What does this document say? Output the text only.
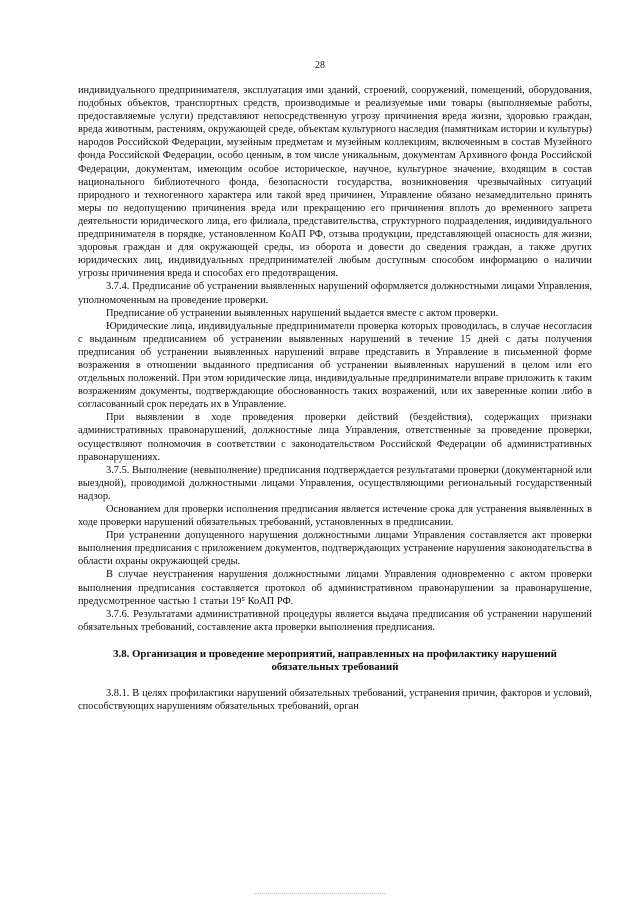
28

индивидуального предпринимателя, эксплуатация ими зданий, строений, сооружений, помещений, оборудования, подобных объектов, транспортных средств, производимые и реализуемые ими товары (выполняемые работы, предоставляемые услуги) представляют непосредственную угрозу причинения вреда жизни, здоровью граждан, вреда животным, растениям, окружающей среде, объектам культурного наследия (памятникам истории и культуры) народов Российской Федерации, музейным предметам и музейным коллекциям, включенным в состав Музейного фонда Российской Федерации, особо ценным, в том числе уникальным, документам Архивного фонда Российской Федерации, документам, имеющим особое историческое, научное, культурное значение, входящим в состав национального библиотечного фонда, безопасности государства, возникновения чрезвычайных ситуаций природного и техногенного характера или такой вред причинен, Управление обязано незамедлительно принять меры по недопущению причинения вреда или прекращению его причинения вплоть до временного запрета деятельности юридического лица, его филиала, представительства, структурного подразделения, индивидуального предпринимателя в порядке, установленном КоАП РФ, отзыва продукции, представляющей опасность для жизни, здоровья граждан и для окружающей среды, из оборота и довести до сведения граждан, а также других юридических лиц, индивидуальных предпринимателей любым доступным способом информацию о наличии угрозы причинения вреда и способах его предотвращения.

3.7.4. Предписание об устранении выявленных нарушений оформляется должностными лицами Управления, уполномоченным на проведение проверки.

Предписание об устранении выявленных нарушений выдается вместе с актом проверки.

Юридические лица, индивидуальные предприниматели проверка которых проводилась, в случае несогласия с выданным предписанием об устранении выявленных нарушений в течение 15 дней с даты получения предписания об устранении выявленных нарушений вправе представить в Управление в письменной форме возражения в отношении выданного предписания об устранении выявленных нарушений в целом или его отдельных положений. При этом юридические лица, индивидуальные предприниматели вправе приложить к таким возражениям документы, подтверждающие обоснованность таких возражений, или их заверенные копии либо в согласованный срок передать их в Управление.

При выявлении в ходе проведения проверки действий (бездействия), содержащих признаки административных правонарушений, должностные лица Управления, ответственные за проведение проверки, осуществляют полномочия в соответствии с законодательством Российской Федерации об административных правонарушениях.

3.7.5. Выполнение (невыполнение) предписания подтверждается результатами проверки (документарной или выездной), проводимой должностными лицами Управления, осуществляющими региональный государственный надзор.

Основанием для проверки исполнения предписания является истечение срока для устранения выявленных в ходе проверки нарушений обязательных требований, установленных в предписании.

При устранении допущенного нарушения должностными лицами Управления составляется акт проверки выполнения предписания с приложением документов, подтверждающих устранение нарушения законодательства в области охраны окружающей среды.

В случае неустранения нарушения должностными лицами Управления одновременно с актом проверки выполнения предписания составляется протокол об административном правонарушении за правонарушение, предусмотренное частью 1 статьи 19⁵ КоАП РФ.

3.7.6. Результатами административной процедуры является выдача предписания об устранении нарушений обязательных требований, составление акта проверки выполнения предписания.

3.8. Организация и проведение мероприятий, направленных на профилактику нарушений обязательных требований

3.8.1. В целях профилактики нарушений обязательных требований, устранения причин, факторов и условий, способствующих нарушениям обязательных требований, орган
